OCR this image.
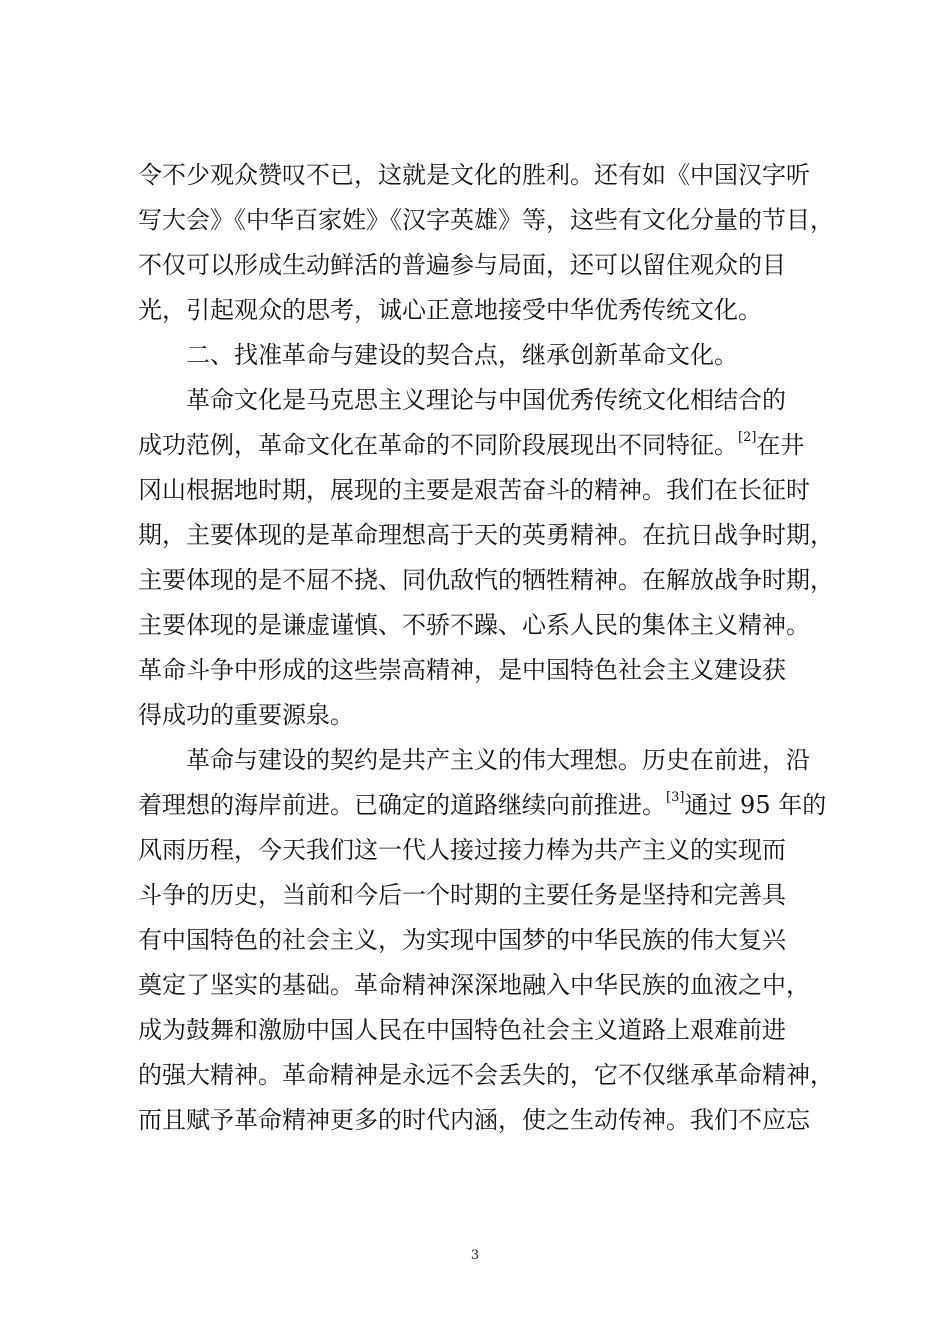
令不少观众赞叹不已，这就是文化的胜利。还有如《中国汉字听
写大会》《中华百家姓》《汉字英雄》等，这些有文化分量的节目，
不仅可以形成生动鲜活的普遍参与局面，还可以留住观众的目
光，引起观众的思考，诚心正意地接受中华优秀传统文化。
二、找准革命与建设的契合点，继承创新革命文化。
革命文化是马克思主义理论与中国优秀传统文化相结合的
成功范例，革命文化在革命的不同阶段展现出不同特征。[2]在井
冈山根据地时期，展现的主要是艰苦奋斗的精神。我们在长征时
期，主要体现的是革命理想高于天的英勇精神。在抗日战争时期，
主要体现的是不屈不挠、同仇敌忾的牺牲精神。在解放战争时期，
主要体现的是谦虚谨慎、不骄不躁、心系人民的集体主义精神。
革命斗争中形成的这些崇高精神，是中国特色社会主义建设获
得成功的重要源泉。
革命与建设的契约是共产主义的伟大理想。历史在前进，沿
着理想的海岸前进。已确定的道路继续向前推进。[3]通过 95 年的
风雨历程，今天我们这一代人接过接力棒为共产主义的实现而
斗争的历史，当前和今后一个时期的主要任务是坚持和完善具
有中国特色的社会主义，为实现中国梦的中华民族的伟大复兴
奠定了坚实的基础。革命精神深深地融入中华民族的血液之中，
成为鼓舞和激励中国人民在中国特色社会主义道路上艰难前进
的强大精神。革命精神是永远不会丢失的，它不仅继承革命精神，
而且赋予革命精神更多的时代内涵，使之生动传神。我们不应忘
3
